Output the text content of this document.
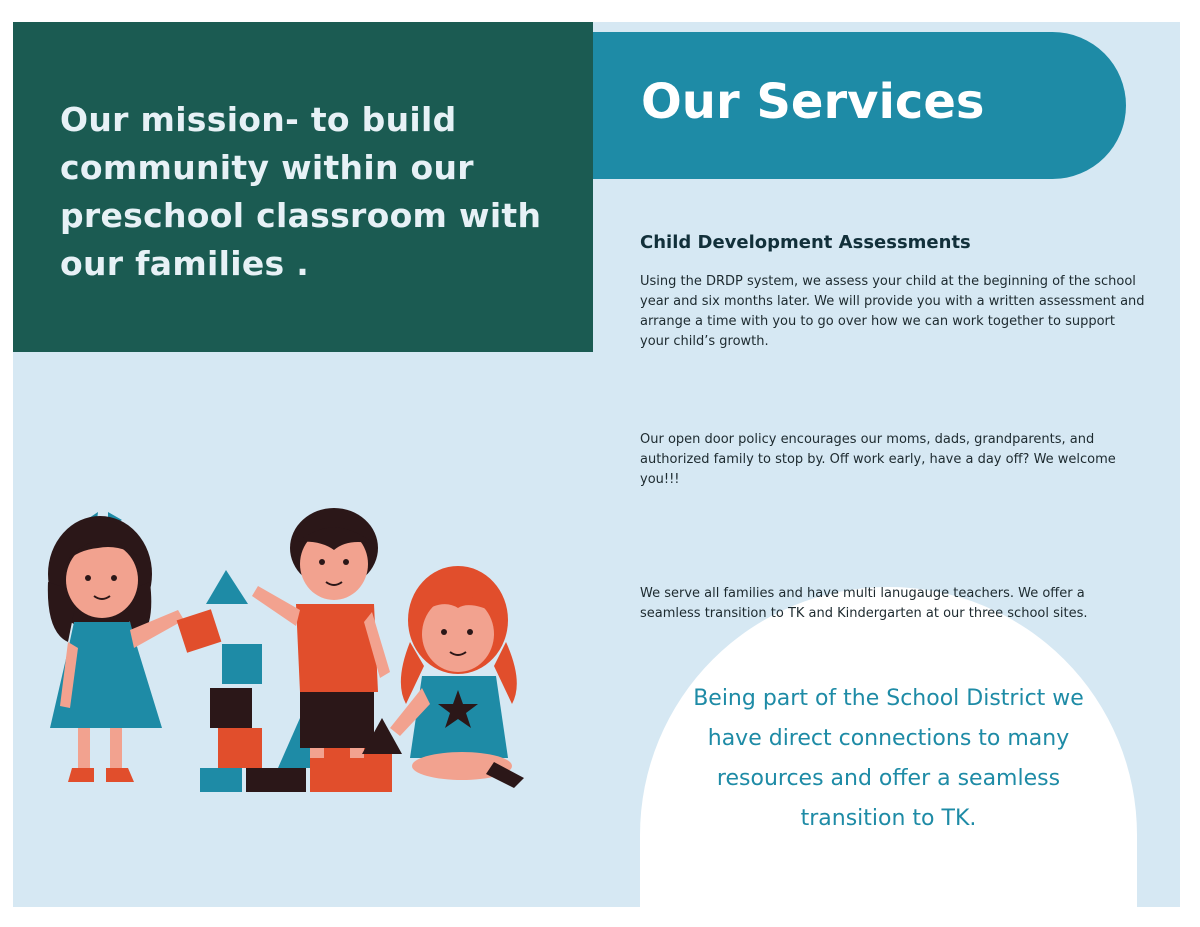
Our mission- to build community within our preschool classroom with our families .
Our Services
Child Development Assessments
Using the DRDP system, we assess your child at the beginning of the school year and six months later. We will provide you with a written assessment and arrange a time with you to go over how we can work together to support your child’s growth.
Our open door policy encourages our moms, dads, grandparents, and authorized family to stop by. Off work early, have a day off? We welcome you!!!
Being part of the School District we have direct connections to many resources and offer a seamless transition to TK.
We serve all families and have multi lanugauge teachers. We offer a seamless transition to TK and Kindergarten at our three school sites.
